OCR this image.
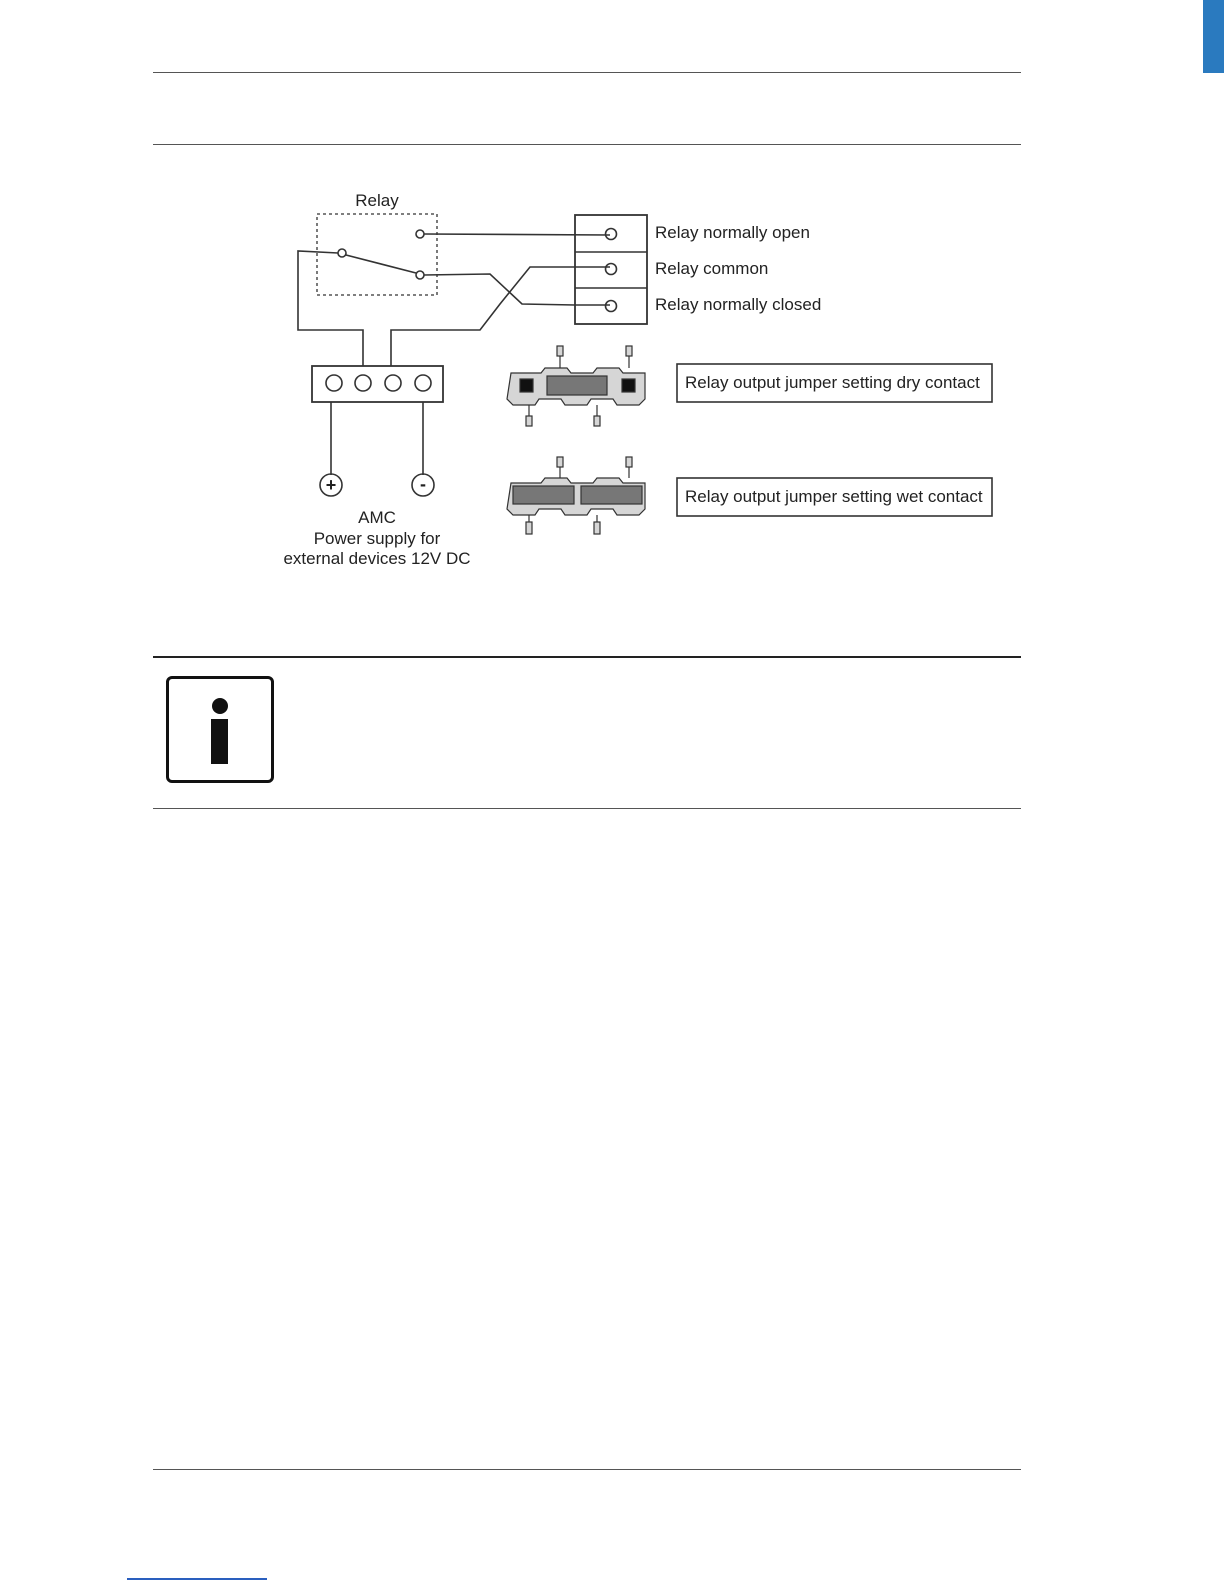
Relay
Relay normally open
Relay common
Relay normally closed
+	-
AMC
Power supply for
external devices 12V DC
Relay output jumper setting dry contact
Relay output jumper setting wet contact
